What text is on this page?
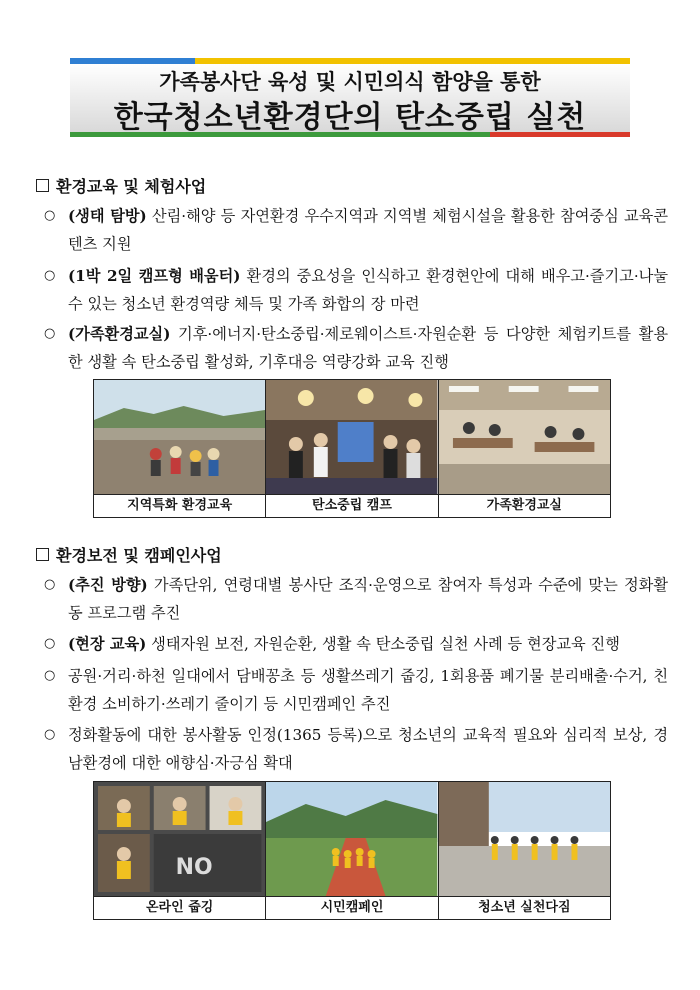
가족봉사단 육성 및 시민의식 함양을 통한
한국청소년환경단의 탄소중립 실천
환경교육 및 체험사업
○ (생태 탐방) 산림·해양 등 자연환경 우수지역과 지역별 체험시설을 활용한 참여중심 교육콘텐츠 지원
○ (1박 2일 캠프형 배움터) 환경의 중요성을 인식하고 환경현안에 대해 배우고·즐기고·나눌 수 있는 청소년 환경역량 체득 및 가족 화합의 장 마련
○ (가족환경교실) 기후·에너지·탄소중립·제로웨이스트·자원순환 등 다양한 체험키트를 활용한 생활 속 탄소중립 활성화, 기후대응 역량강화 교육 진행
지역특화 환경교육	탄소중립 캠프	가족환경교실
환경보전 및 캠페인사업
○ (추진 방향) 가족단위, 연령대별 봉사단 조직·운영으로 참여자 특성과 수준에 맞는 정화활동 프로그램 추진
○ (현장 교육) 생태자원 보전, 자원순환, 생활 속 탄소중립 실천 사례 등 현장교육 진행
○ 공원·거리·하천 일대에서 담배꽁초 등 생활쓰레기 줍깅, 1회용품 폐기물 분리배출·수거, 친환경 소비하기·쓰레기 줄이기 등 시민캠페인 추진
○ 정화활동에 대한 봉사활동 인정(1365 등록)으로 청소년의 교육적 필요와 심리적 보상, 경남환경에 대한 애향심·자긍심 확대
NO
온라인 줍깅	시민캠페인	청소년 실천다짐
